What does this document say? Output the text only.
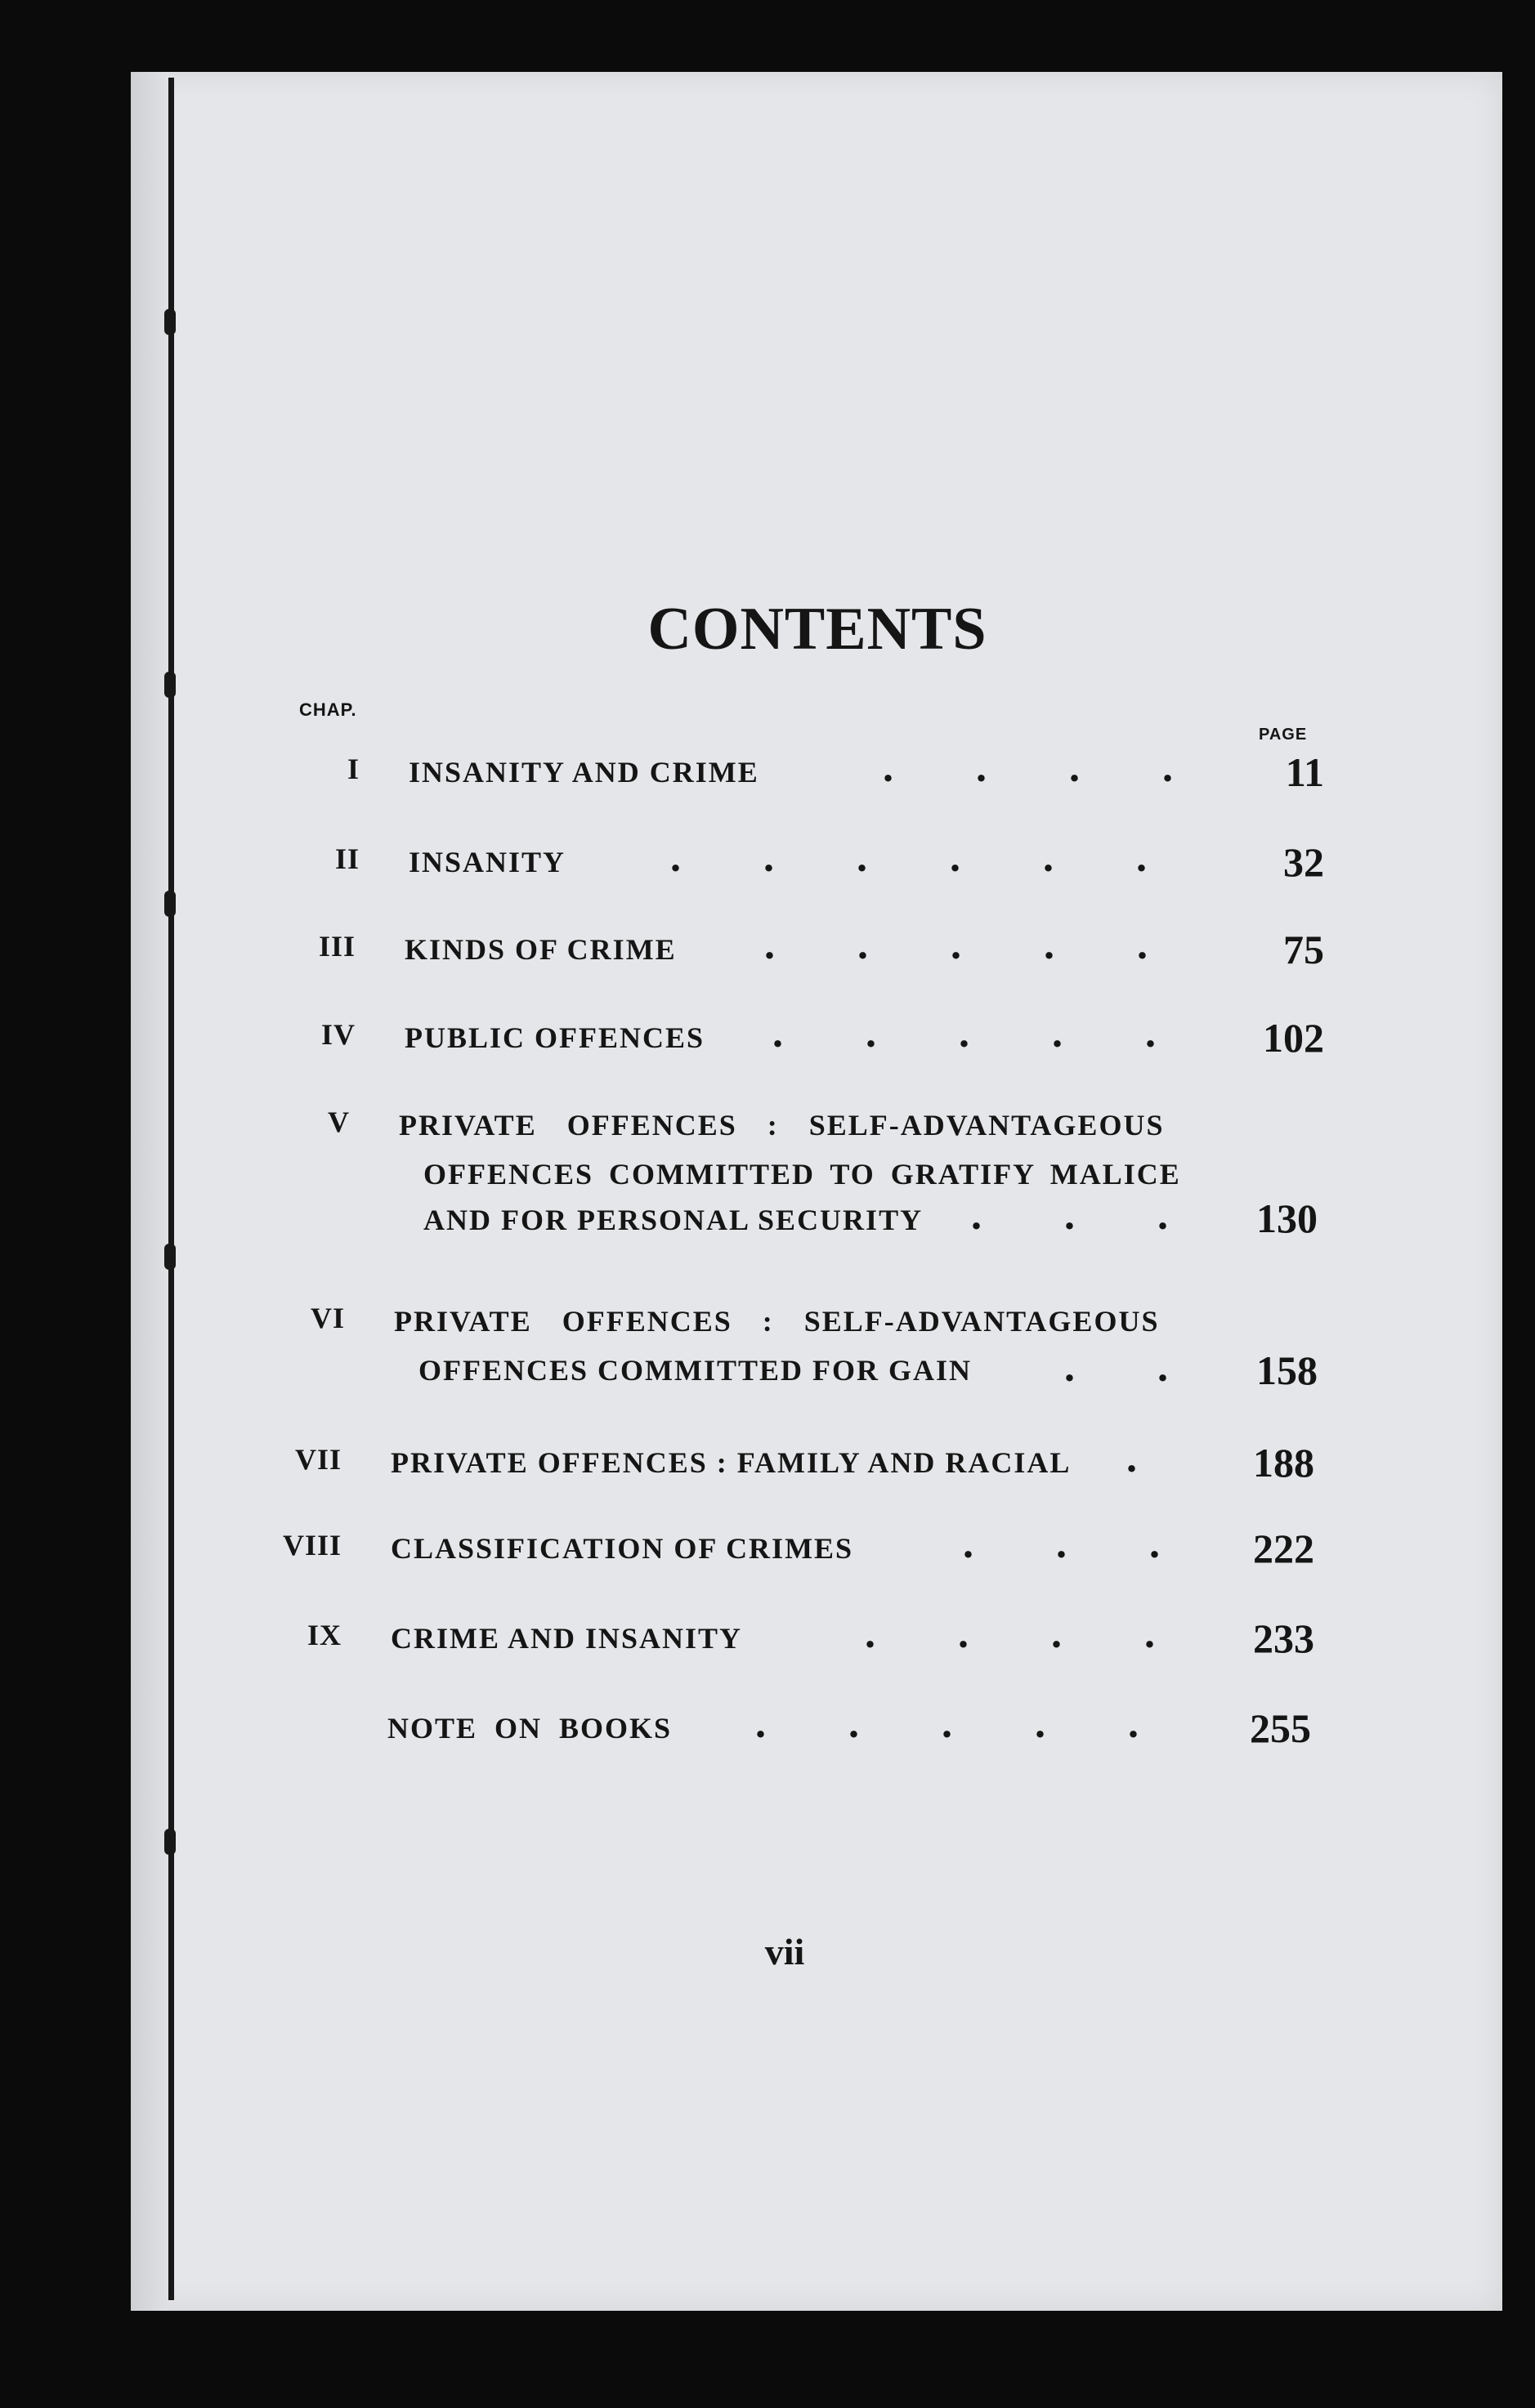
CONTENTS
CHAP.
PAGE
I INSANITY AND CRIME	. . . .	11
II INSANITY . . . . . .	32
III KINDS OF CRIME . . . . .	75
IV PUBLIC OFFENCES . . . . .	102
V PRIVATE OFFENCES : SELF-ADVANTAGEOUS
OFFENCES COMMITTED TO GRATIFY MALICE
AND FOR PERSONAL SECURITY . . .	130
VI PRIVATE OFFENCES : SELF-ADVANTAGEOUS
OFFENCES COMMITTED FOR GAIN . .	158
VII PRIVATE OFFENCES : FAMILY AND RACIAL .	188
VIII CLASSIFICATION OF CRIMES	. . .	222
IX CRIME AND INSANITY	. . . .	233
NOTE ON BOOKS . . . . .	255
vii
